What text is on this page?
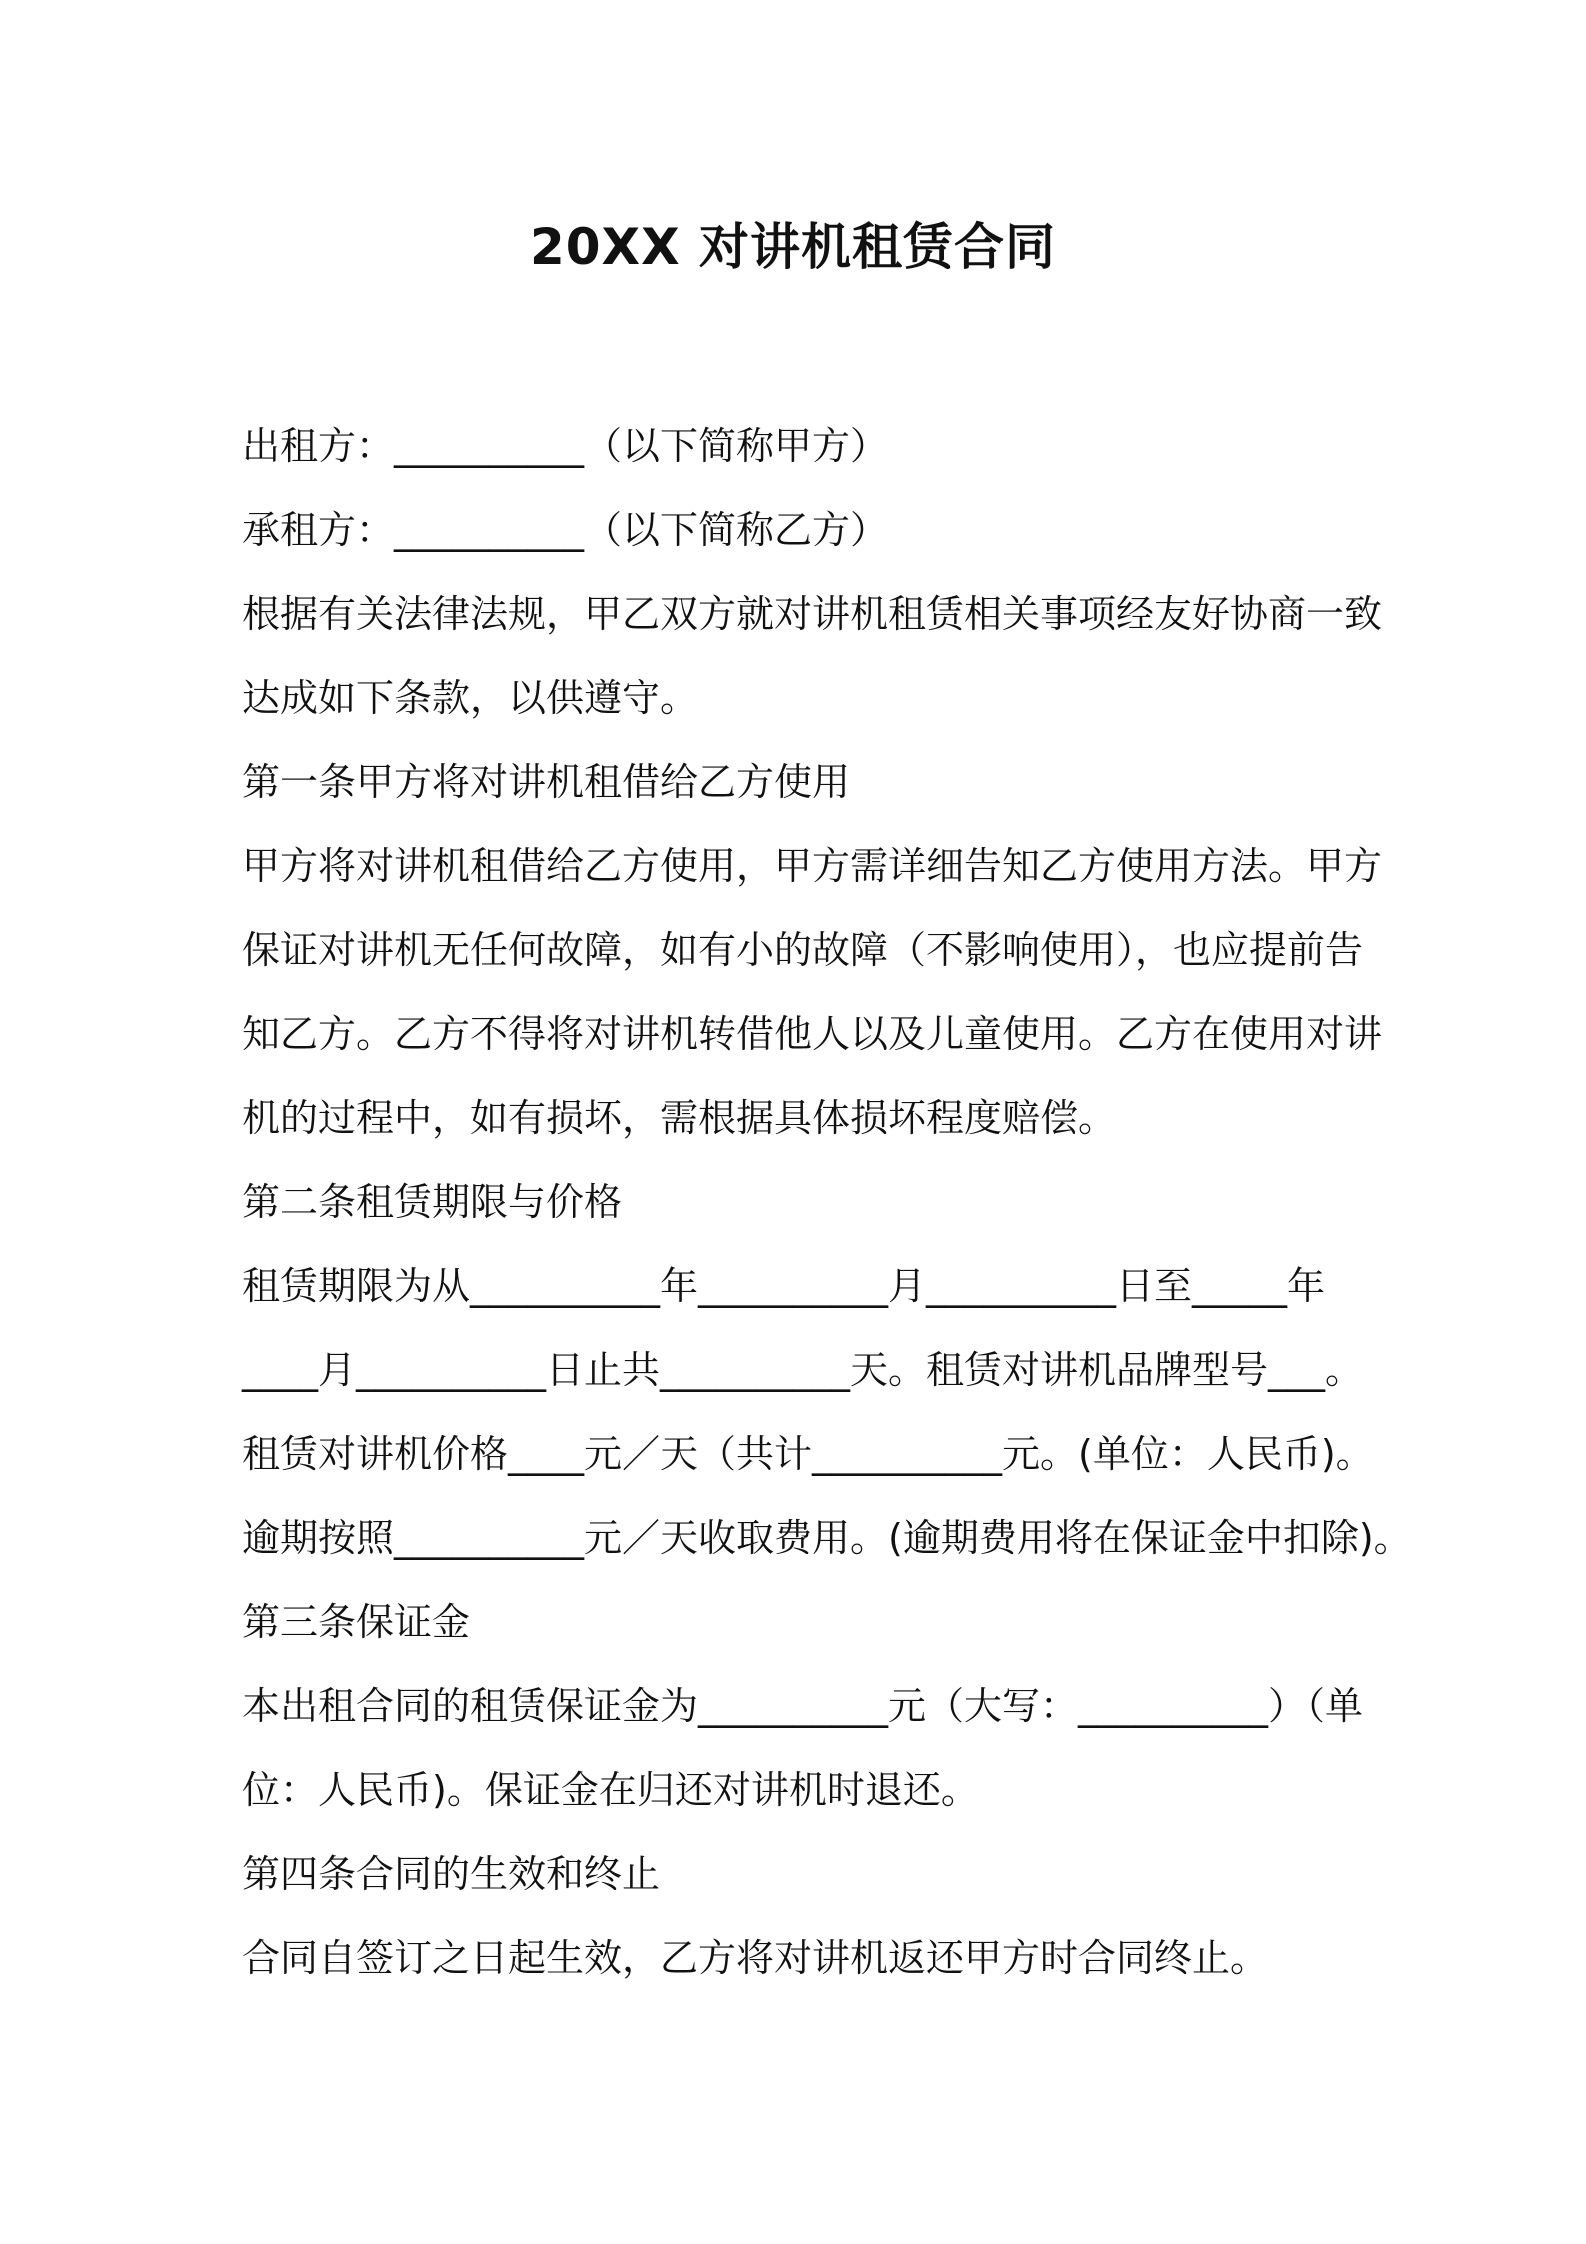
20XX 对讲机租赁合同
出租方：__________（以下简称甲方）
承租方：__________（以下简称乙方）
根据有关法律法规，甲乙双方就对讲机租赁相关事项经友好协商一致
达成如下条款，以供遵守。
第一条甲方将对讲机租借给乙方使用
甲方将对讲机租借给乙方使用，甲方需详细告知乙方使用方法。甲方
保证对讲机无任何故障，如有小的故障（不影响使用），也应提前告
知乙方。乙方不得将对讲机转借他人以及儿童使用。乙方在使用对讲
机的过程中，如有损坏，需根据具体损坏程度赔偿。
第二条租赁期限与价格
租赁期限为从__________年__________月__________日至_____年
____月__________日止共__________天。租赁对讲机品牌型号___。
租赁对讲机价格____元／天（共计__________元。(单位：人民币)。
逾期按照__________元／天收取费用。(逾期费用将在保证金中扣除)。
第三条保证金
本出租合同的租赁保证金为__________元（大写：__________）（单
位：人民币)。保证金在归还对讲机时退还。
第四条合同的生效和终止
合同自签订之日起生效，乙方将对讲机返还甲方时合同终止。
